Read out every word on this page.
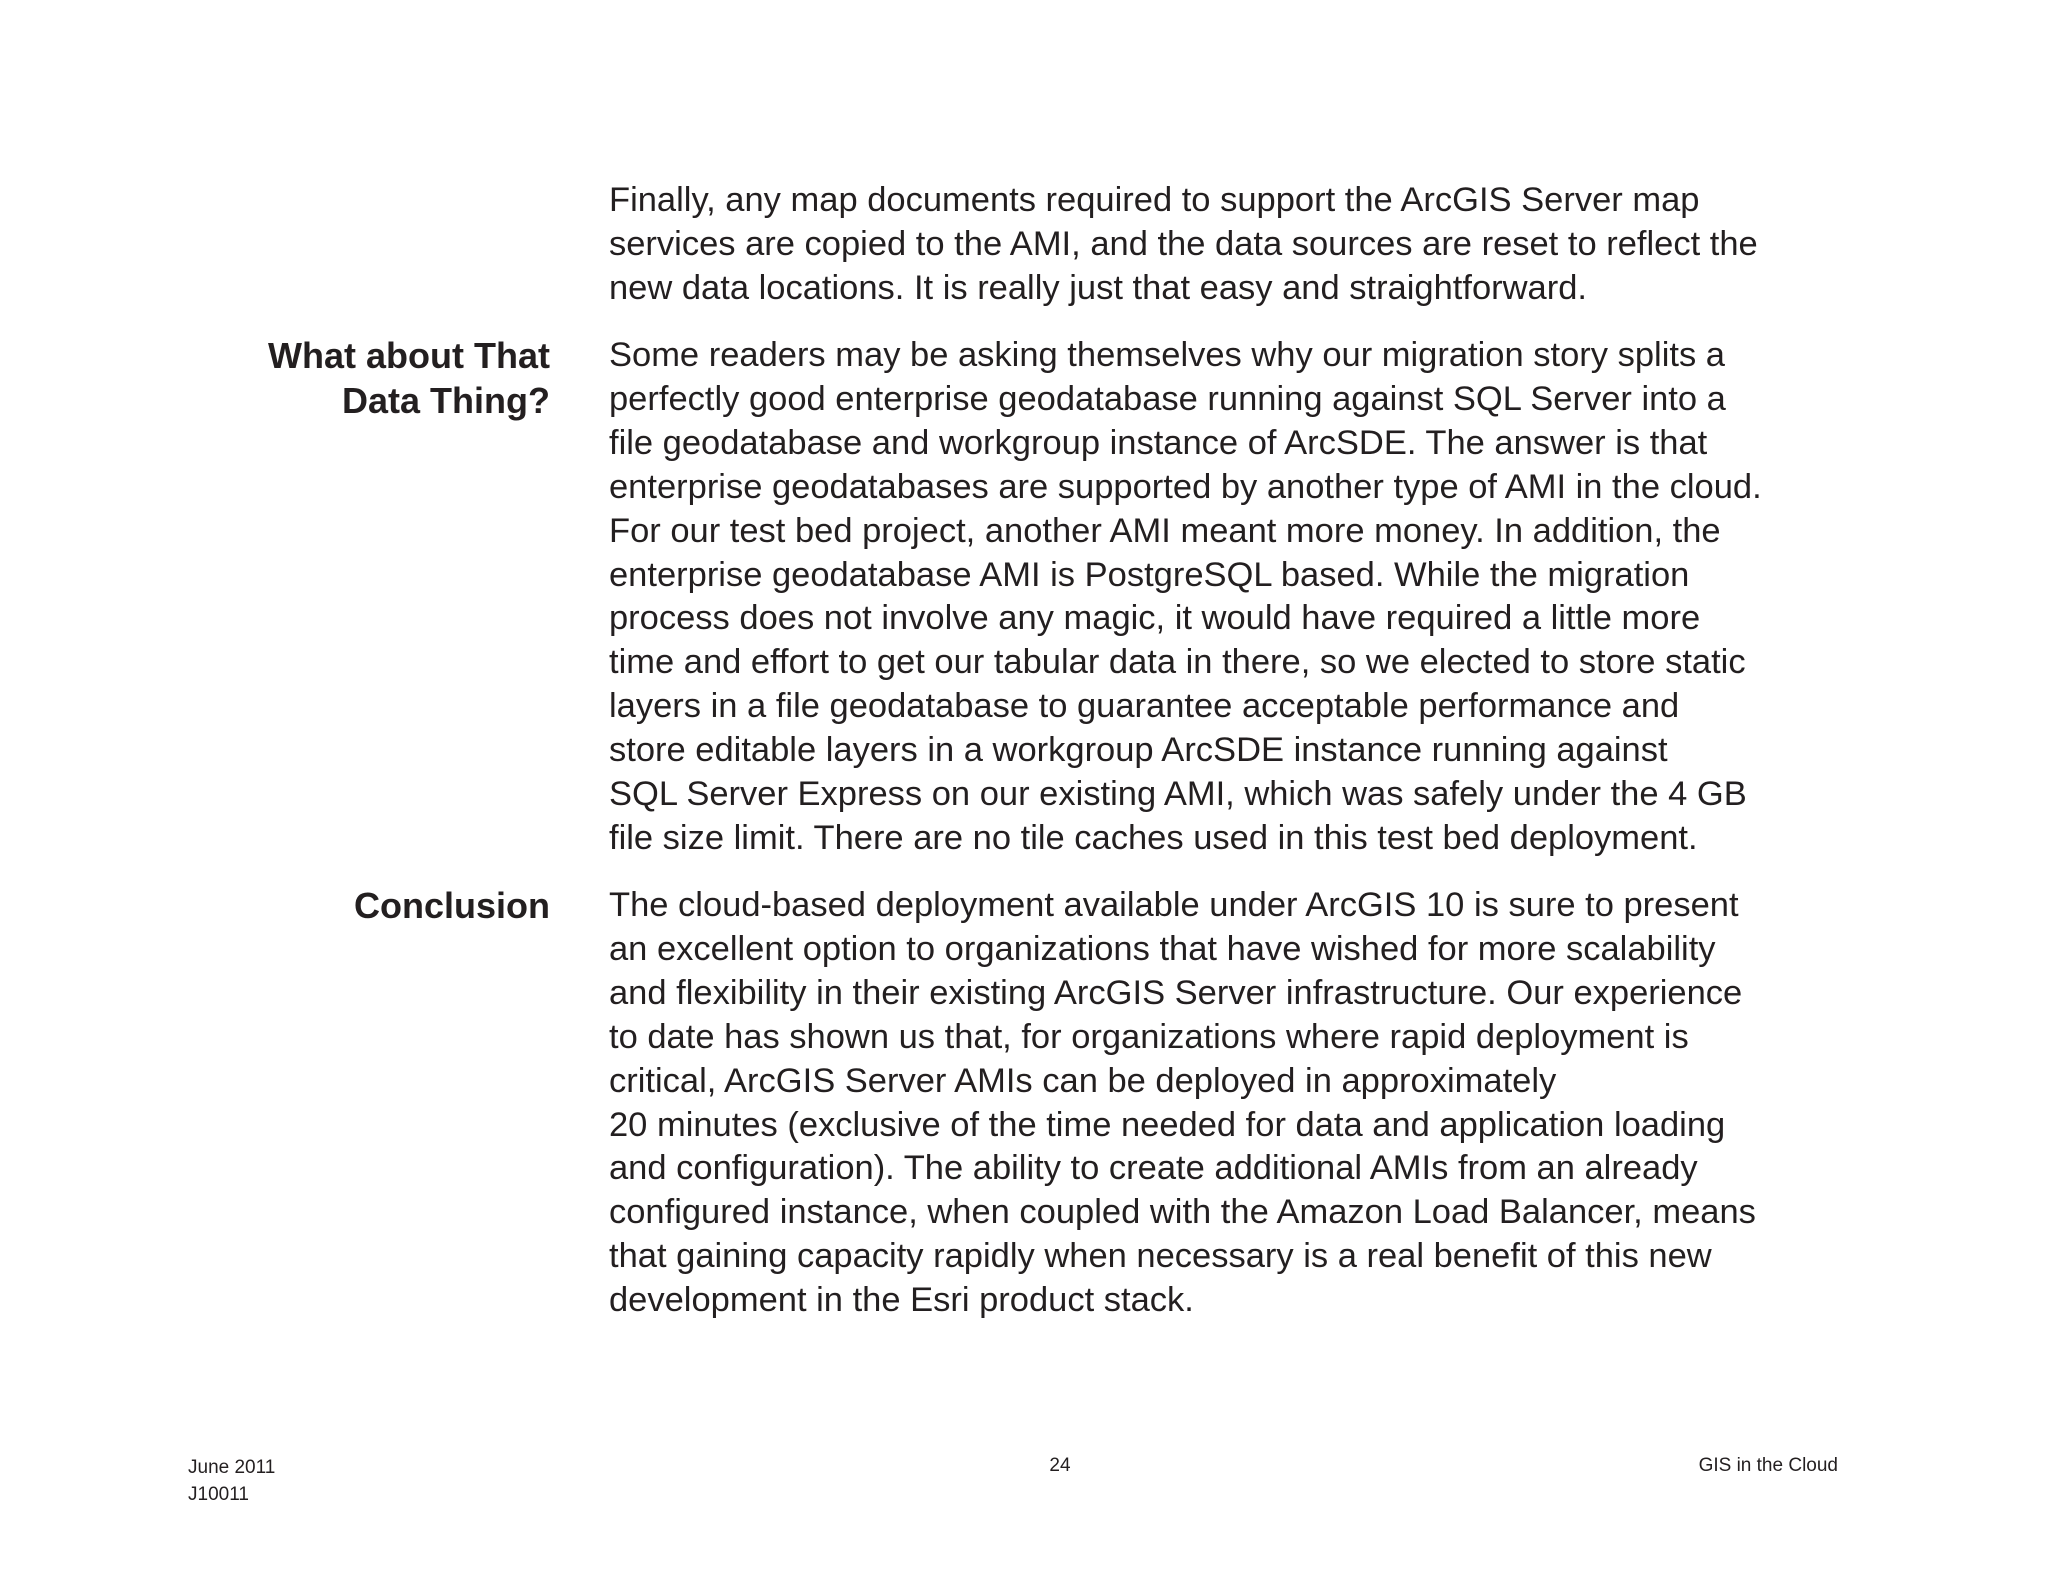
Finally, any map documents required to support the ArcGIS Server map
services are copied to the AMI, and the data sources are reset to reflect the
new data locations. It is really just that easy and straightforward.

What about That
Data Thing?

Some readers may be asking themselves why our migration story splits a
perfectly good enterprise geodatabase running against SQL Server into a
file geodatabase and workgroup instance of ArcSDE. The answer is that
enterprise geodatabases are supported by another type of AMI in the cloud.
For our test bed project, another AMI meant more money. In addition, the
enterprise geodatabase AMI is PostgreSQL based. While the migration
process does not involve any magic, it would have required a little more
time and effort to get our tabular data in there, so we elected to store static
layers in a file geodatabase to guarantee acceptable performance and
store editable layers in a workgroup ArcSDE instance running against
SQL Server Express on our existing AMI, which was safely under the 4 GB
file size limit. There are no tile caches used in this test bed deployment.

Conclusion The cloud-based deployment available under ArcGIS 10 is sure to present
an excellent option to organizations that have wished for more scalability
and flexibility in their existing ArcGIS Server infrastructure. Our experience
to date has shown us that, for organizations where rapid deployment is
critical, ArcGIS Server AMIs can be deployed in approximately
20 minutes (exclusive of the time needed for data and application loading
and configuration). The ability to create additional AMIs from an already
configured instance, when coupled with the Amazon Load Balancer, means
that gaining capacity rapidly when necessary is a real benefit of this new
development in the Esri product stack.

June 2011
J10011
24	GIS in the Cloud
